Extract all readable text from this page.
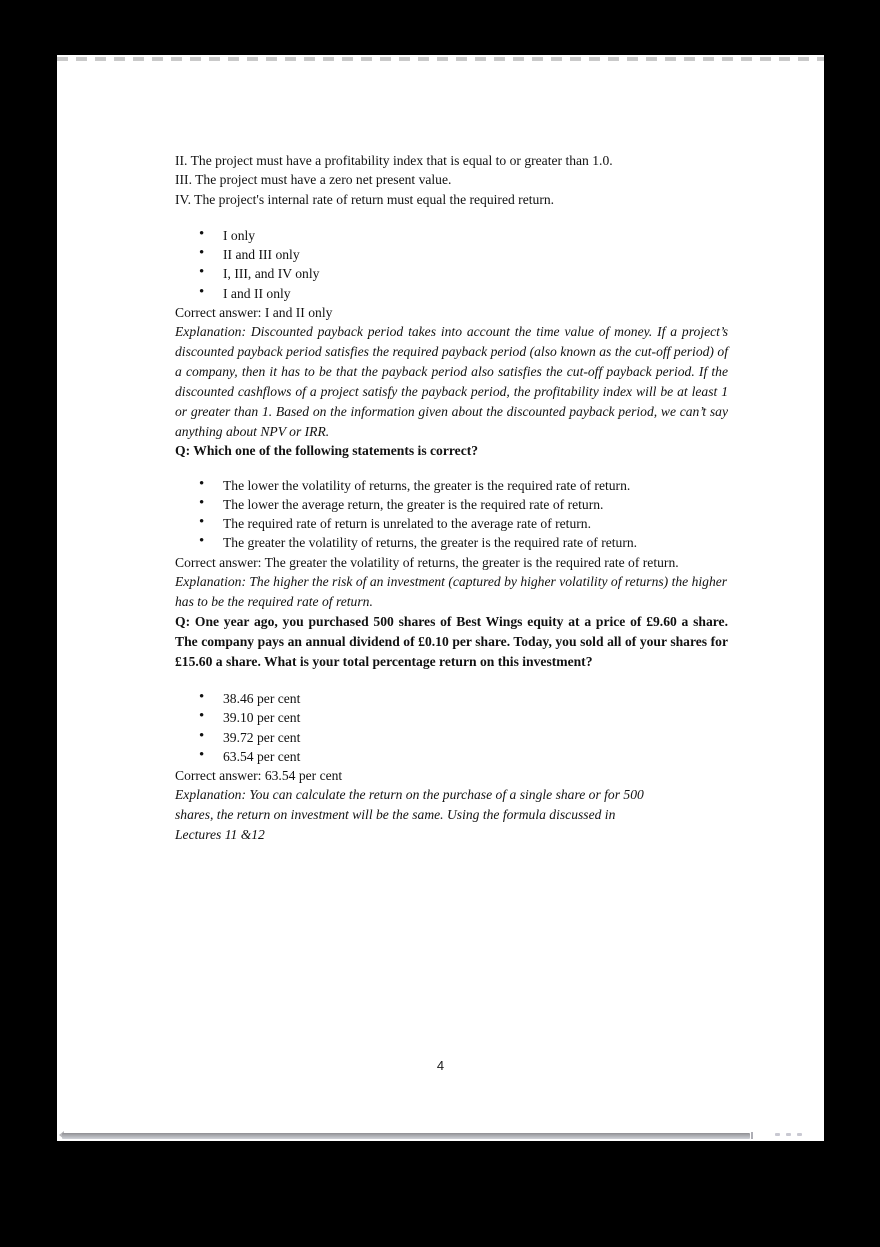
II. The project must have a profitability index that is equal to or greater than 1.0.
III. The project must have a zero net present value.
IV. The project's internal rate of return must equal the required return.

• I only
• II and III only
• I, III, and IV only
• I and II only

Correct answer: I and II only

Explanation: Discounted payback period takes into account the time value of money. If a project’s discounted payback period satisfies the required payback period (also known as the cut-off period) of a company, then it has to be that the payback period also satisfies the cut-off payback period. If the discounted cashflows of a project satisfy the payback period, the profitability index will be at least 1 or greater than 1. Based on the information given about the discounted payback period, we can’t say anything about NPV or IRR.

Q: Which one of the following statements is correct?

• The lower the volatility of returns, the greater is the required rate of return.
• The lower the average return, the greater is the required rate of return.
• The required rate of return is unrelated to the average rate of return.
• The greater the volatility of returns, the greater is the required rate of return.

Correct answer: The greater the volatility of returns, the greater is the required rate of return.

Explanation: The higher the risk of an investment (captured by higher volatility of returns) the higher has to be the required rate of return.

Q: One year ago, you purchased 500 shares of Best Wings equity at a price of £9.60 a share. The company pays an annual dividend of £0.10 per share. Today, you sold all of your shares for £15.60 a share. What is your total percentage return on this investment?

• 38.46 per cent
• 39.10 per cent
• 39.72 per cent
• 63.54 per cent

Correct answer: 63.54 per cent

Explanation: You can calculate the return on the purchase of a single share or for 500
shares, the return on investment will be the same. Using the formula discussed in
Lectures 11 &12

4
